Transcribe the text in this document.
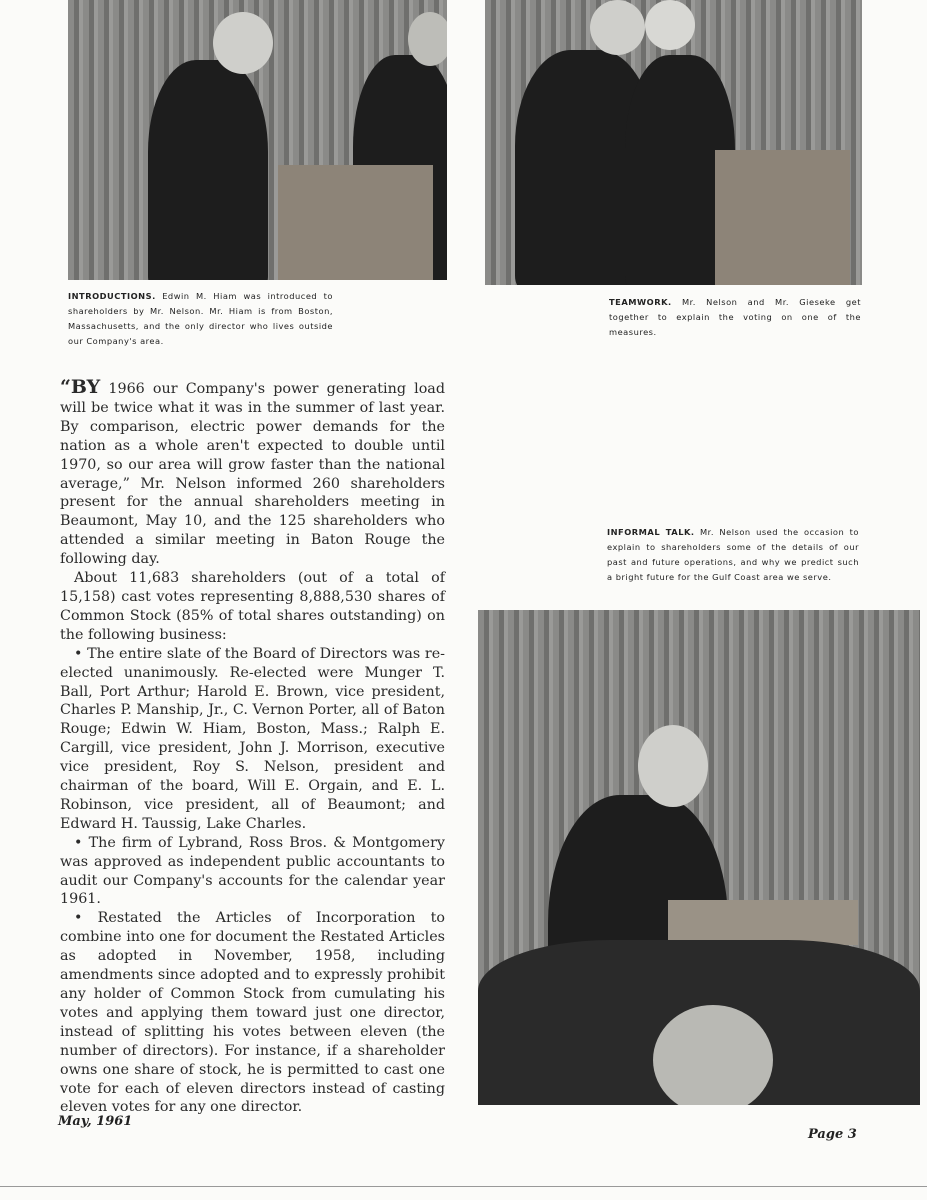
INTRODUCTIONS. Edwin M. Hiam was introduced to shareholders by Mr. Nelson. Mr. Hiam is from Boston, Massachusetts, and the only director who lives outside our Company's area.
TEAMWORK. Mr. Nelson and Mr. Gieseke get together to explain the voting on one of the measures.
INFORMAL TALK. Mr. Nelson used the occasion to explain to shareholders some of the details of our past and future operations, and why we predict such a bright future for the Gulf Coast area we serve.

“BY 1966 our Company's power generating load will be twice what it was in the summer of last year. By comparison, electric power demands for the nation as a whole aren't expected to double until 1970, so our area will grow faster than the national average,” Mr. Nelson informed 260 shareholders present for the annual shareholders meeting in Beaumont, May 10, and the 125 shareholders who attended a similar meeting in Baton Rouge the following day.

About 11,683 shareholders (out of a total of 15,158) cast votes representing 8,888,530 shares of Common Stock (85% of total shares outstanding) on the following business:

• The entire slate of the Board of Directors was re-elected unanimously. Re-elected were Munger T. Ball, Port Arthur; Harold E. Brown, vice president, Charles P. Manship, Jr., C. Vernon Porter, all of Baton Rouge; Edwin W. Hiam, Boston, Mass.; Ralph E. Cargill, vice president, John J. Morrison, executive vice president, Roy S. Nelson, president and chairman of the board, Will E. Orgain, and E. L. Robinson, vice president, all of Beaumont; and Edward H. Taussig, Lake Charles.

• The firm of Lybrand, Ross Bros. & Montgomery was approved as independent public accountants to audit our Company's accounts for the calendar year 1961.

• Restated the Articles of Incorporation to combine into one for document the Restated Articles as adopted in November, 1958, including amendments since adopted and to expressly prohibit any holder of Common Stock from cumulating his votes and applying them toward just one director, instead of splitting his votes between eleven (the number of directors). For instance, if a shareholder owns one share of stock, he is permitted to cast one vote for each of eleven directors instead of casting eleven votes for any one director.

May, 1961
Page 3
